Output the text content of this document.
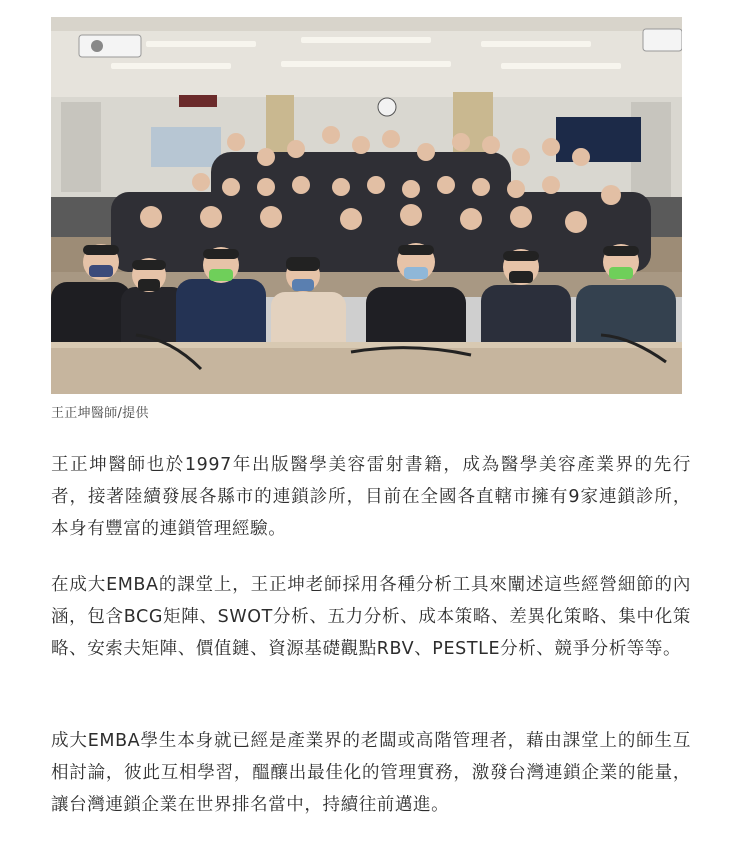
王正坤醫師/提供

王正坤醫師也於1997年出版醫學美容雷射書籍，成為醫學美容產業界的先行者，接著陸續發展各縣市的連鎖診所，目前在全國各直轄市擁有9家連鎖診所，本身有豐富的連鎖管理經驗。

在成大EMBA的課堂上，王正坤老師採用各種分析工具來闡述這些經營細節的內涵，包含BCG矩陣、SWOT分析、五力分析、成本策略、差異化策略、集中化策略、安索夫矩陣、價值鏈、資源基礎觀點RBV、PESTLE分析、競爭分析等等。

成大EMBA學生本身就已經是產業界的老闆或高階管理者，藉由課堂上的師生互相討論，彼此互相學習，醞釀出最佳化的管理實務，激發台灣連鎖企業的能量，讓台灣連鎖企業在世界排名當中，持續往前邁進。
